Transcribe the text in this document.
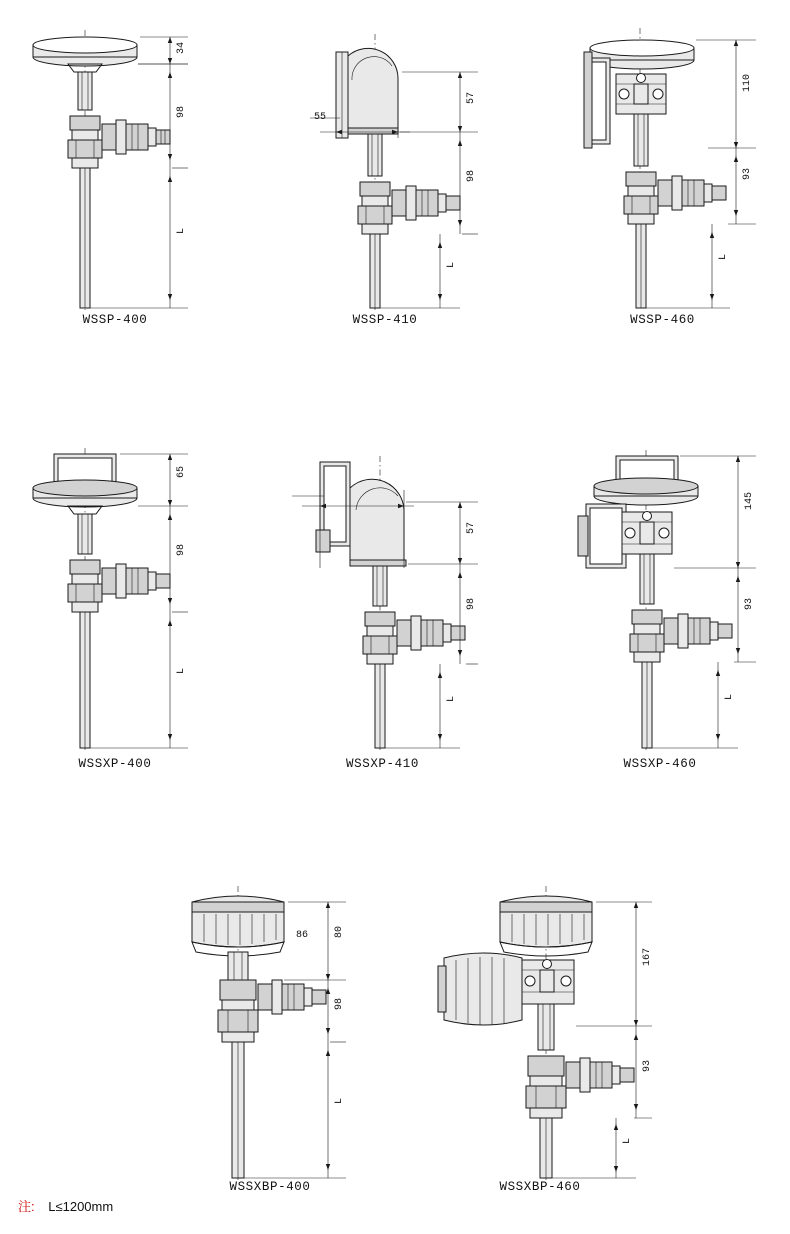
34
98
L
WSSP-400
55
57
98
L
WSSP-410
110
93
L
WSSP-460
65
98
L
WSSXP-400
86
57
98
L
WSSXP-410
145
93
L
WSSXP-460
80
98
L
WSSXBP-400
167
93
L
WSSXBP-460
注: L≤1200mm
